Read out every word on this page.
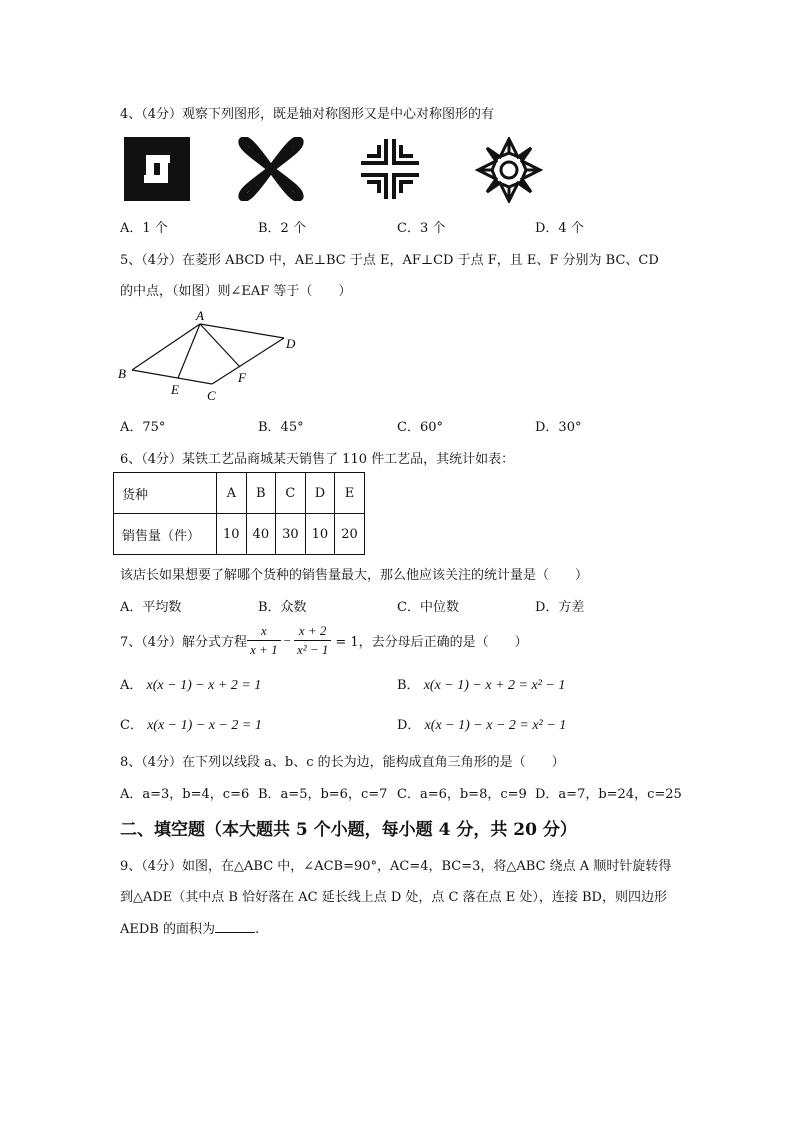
4、（4分）观察下列图形，既是轴对称图形又是中心对称图形的有
A．1 个	B．2 个	C．3 个	D．4 个
5、（4分）在菱形 ABCD 中，AE⊥BC 于点 E，AF⊥CD 于点 F，且 E、F 分别为 BC、CD
的中点，（如图）则∠EAF 等于（　　）
A
D
B
E
F
C
A．75°	B．45°	C．60°	D．30°
6、（4分）某铁工艺品商城某天销售了 110 件工艺品，其统计如表：
货种	A	B	C	D	E
销售量（件）	10	40	30	10	20
该店长如果想要了解哪个货种的销售量最大，那么他应该关注的统计量是（　　）
A．平均数	B．众数	C．中位数	D．方差
7、（4分）解分式方程 $\frac{x}{x + 1} - \frac{x + 2}{\text{x² − 1}} = 1$，去分母后正确的是（　　）
A． x(x − 1) − x + 2 = 1	B． x(x − 1) − x + 2 = x² − 1
C． x(x − 1) − x − 2 = 1	D． x(x − 1) − x − 2 = x² − 1
8、（4分）在下列以线段 a、b、c 的长为边，能构成直角三角形的是（　　）
A．a=3，b=4，c=6 B．a=5，b=6，c=7 C．a=6，b=8，c=9 D．a=7，b=24，c=25
二、填空题（本大题共 5 个小题，每小题 4 分，共 20 分）
9、（4分）如图，在△ABC 中，∠ACB=90°，AC=4，BC=3，将△ABC 绕点 A 顺时针旋转得
到△ADE（其中点 B 恰好落在 AC 延长线上点 D 处，点 C 落在点 E 处），连接 BD，则四边形
AEDB 的面积为	.
